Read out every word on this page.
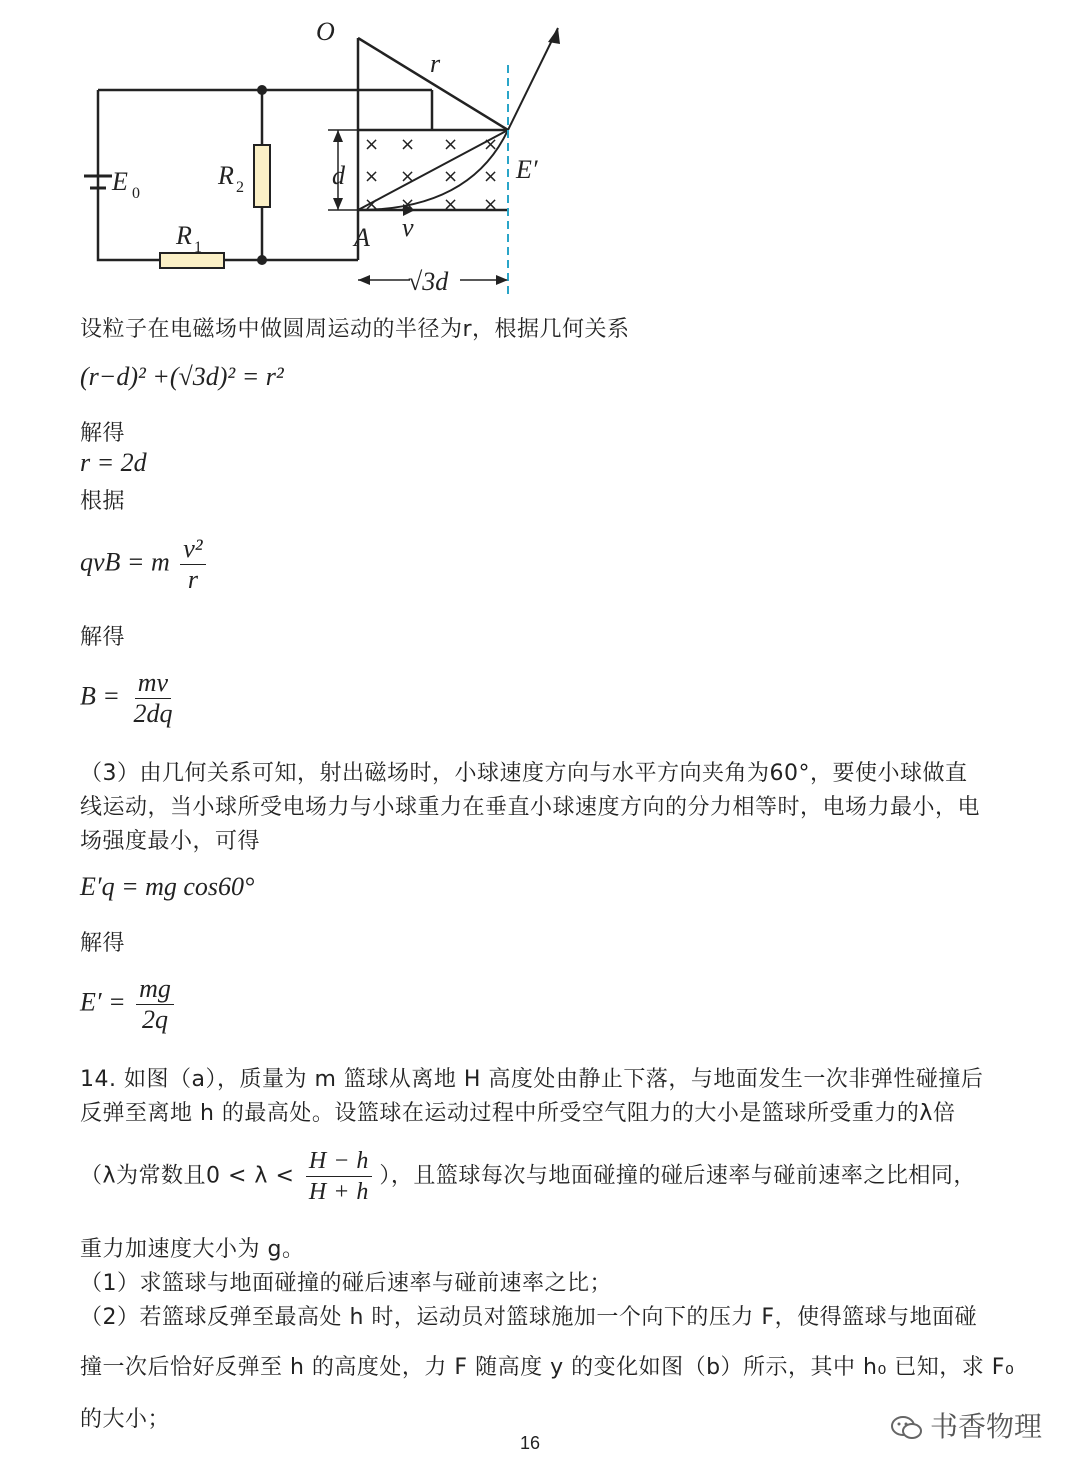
× × × ×
× × × ×
× × × ×
O
r
E 0
R 2
R 1
d
A v
E′
√3d
设粒子在电磁场中做圆周运动的半径为r，根据几何关系
(r−d)² +(√3d)² = r²
解得
r = 2d
根据
qvB = m $\frac{\text{v²}}{r}$
解得
$B = \frac{mv}{2dq}$
（3）由几何关系可知，射出磁场时，小球速度方向与水平方向夹角为60°，要使小球做直
线运动，当小球所受电场力与小球重力在垂直小球速度方向的分力相等时，电场力最小，电
场强度最小，可得
E′q = mg cos60°
解得
$E' = \frac{mg}{2q}$
14. 如图（a），质量为 m 篮球从离地 H 高度处由静止下落，与地面发生一次非弹性碰撞后
反弹至离地 h 的最高处。设篮球在运动过程中所受空气阻力的大小是篮球所受重力的λ倍
（λ为常数且$0 < \lambda < \frac{H - h}{H + h}$ ），且篮球每次与地面碰撞的碰后速率与碰前速率之比相同，
重力加速度大小为 g。
（1）求篮球与地面碰撞的碰后速率与碰前速率之比；
（2）若篮球反弹至最高处 h 时，运动员对篮球施加一个向下的压力 F，使得篮球与地面碰
撞一次后恰好反弹至 h 的高度处，力 F 随高度 y 的变化如图（b）所示，其中 h₀ 已知，求 F₀
的大小；
16	书香物理
